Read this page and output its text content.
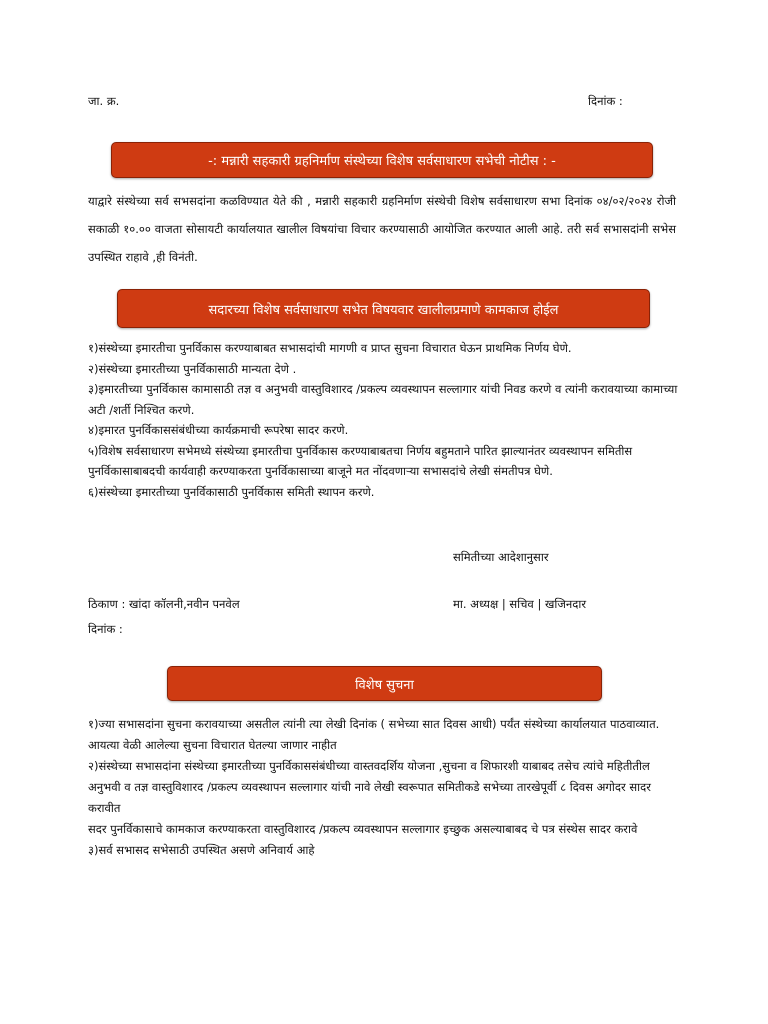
जा. क्र.	दिनांक :
-: मन्नारी सहकारी ग्रहनिर्माण संस्थेच्या विशेष सर्वसाधारण सभेची नोटीस : -
याद्वारे संस्थेच्या सर्व सभसदांना कळविण्यात येते की , मन्नारी सहकारी ग्रहनिर्माण संस्थेची विशेष सर्वसाधारण सभा दिनांक ०४/०२/२०२४ रोजी सकाळी १०.०० वाजता सोसायटी कार्यालयात खालील विषयांचा विचार करण्यासाठी आयोजित करण्यात आली आहे. तरी सर्व सभासदांनी सभेस उपस्थित राहावे ,ही विनंती.
सदारच्या विशेष सर्वसाधारण सभेत विषयवार खालीलप्रमाणे कामकाज होईल
१)संस्थेच्या इमारतीचा पुनर्विकास करण्याबाबत सभासदांची मागणी व प्राप्त सुचना विचारात घेऊन प्राथमिक निर्णय घेणे.
२)संस्थेच्या इमारतीच्या पुनर्विकासाठी मान्यता देणे .
३)इमारतीच्या पुनर्विकास कामासाठी तज्ञ व अनुभवी वास्तुविशारद /प्रकल्प व्यवस्थापन सल्लागार यांची निवड करणे व त्यांनी करावयाच्या कामाच्या अटी /शर्ती निश्चित करणे.
४)इमारत पुनर्विकाससंबंधीच्या कार्यक्रमाची रूपरेषा सादर करणे.
५)विशेष सर्वसाधारण सभेमध्ये संस्थेच्या इमारतीचा पुनर्विकास करण्याबाबतचा निर्णय बहुमताने पारित झाल्यानंतर व्यवस्थापन समितीस पुनर्विकासाबाबदची कार्यवाही करण्याकरता पुनर्विकासाच्या बाजूने मत नोंदवणाऱ्या सभासदांचे लेखी संमतीपत्र घेणे.
६)संस्थेच्या इमारतीच्या पुनर्विकासाठी पुनर्विकास समिती स्थापन करणे.
समितीच्या आदेशानुसार
ठिकाण : खांदा कॉलनी,नवीन पनवेल	मा. अध्यक्ष | सचिव | खजिनदार
दिनांक :
विशेष सुचना
१)ज्या सभासदांना सुचना करावयाच्या असतील त्यांनी त्या लेखी दिनांक ( सभेच्या सात दिवस आधी) पर्यंत संस्थेच्या कार्यालयात पाठवाव्यात. आयत्या वेळी आलेल्या सुचना विचारात घेतल्या जाणार नाहीत
२)संस्थेच्या सभासदांना संस्थेच्या इमारतीच्या पुनर्विकाससंबंधीच्या वास्तवदर्शिय योजना ,सुचना व शिफारशी याबाबद तसेच त्यांचे महितीतील अनुभवी व तज्ञ वास्तुविशारद /प्रकल्प व्यवस्थापन सल्लागार यांची नावे लेखी स्वरूपात समितीकडे सभेच्या तारखेपूर्वी ८ दिवस अगोदर सादर करावीत
सदर पुनर्विकासाचे कामकाज करण्याकरता वास्तुविशारद /प्रकल्प व्यवस्थापन सल्लागार इच्छुक असल्याबाबद चे पत्र संस्थेस सादर करावे
३)सर्व सभासद सभेसाठी उपस्थित असणे अनिवार्य आहे
